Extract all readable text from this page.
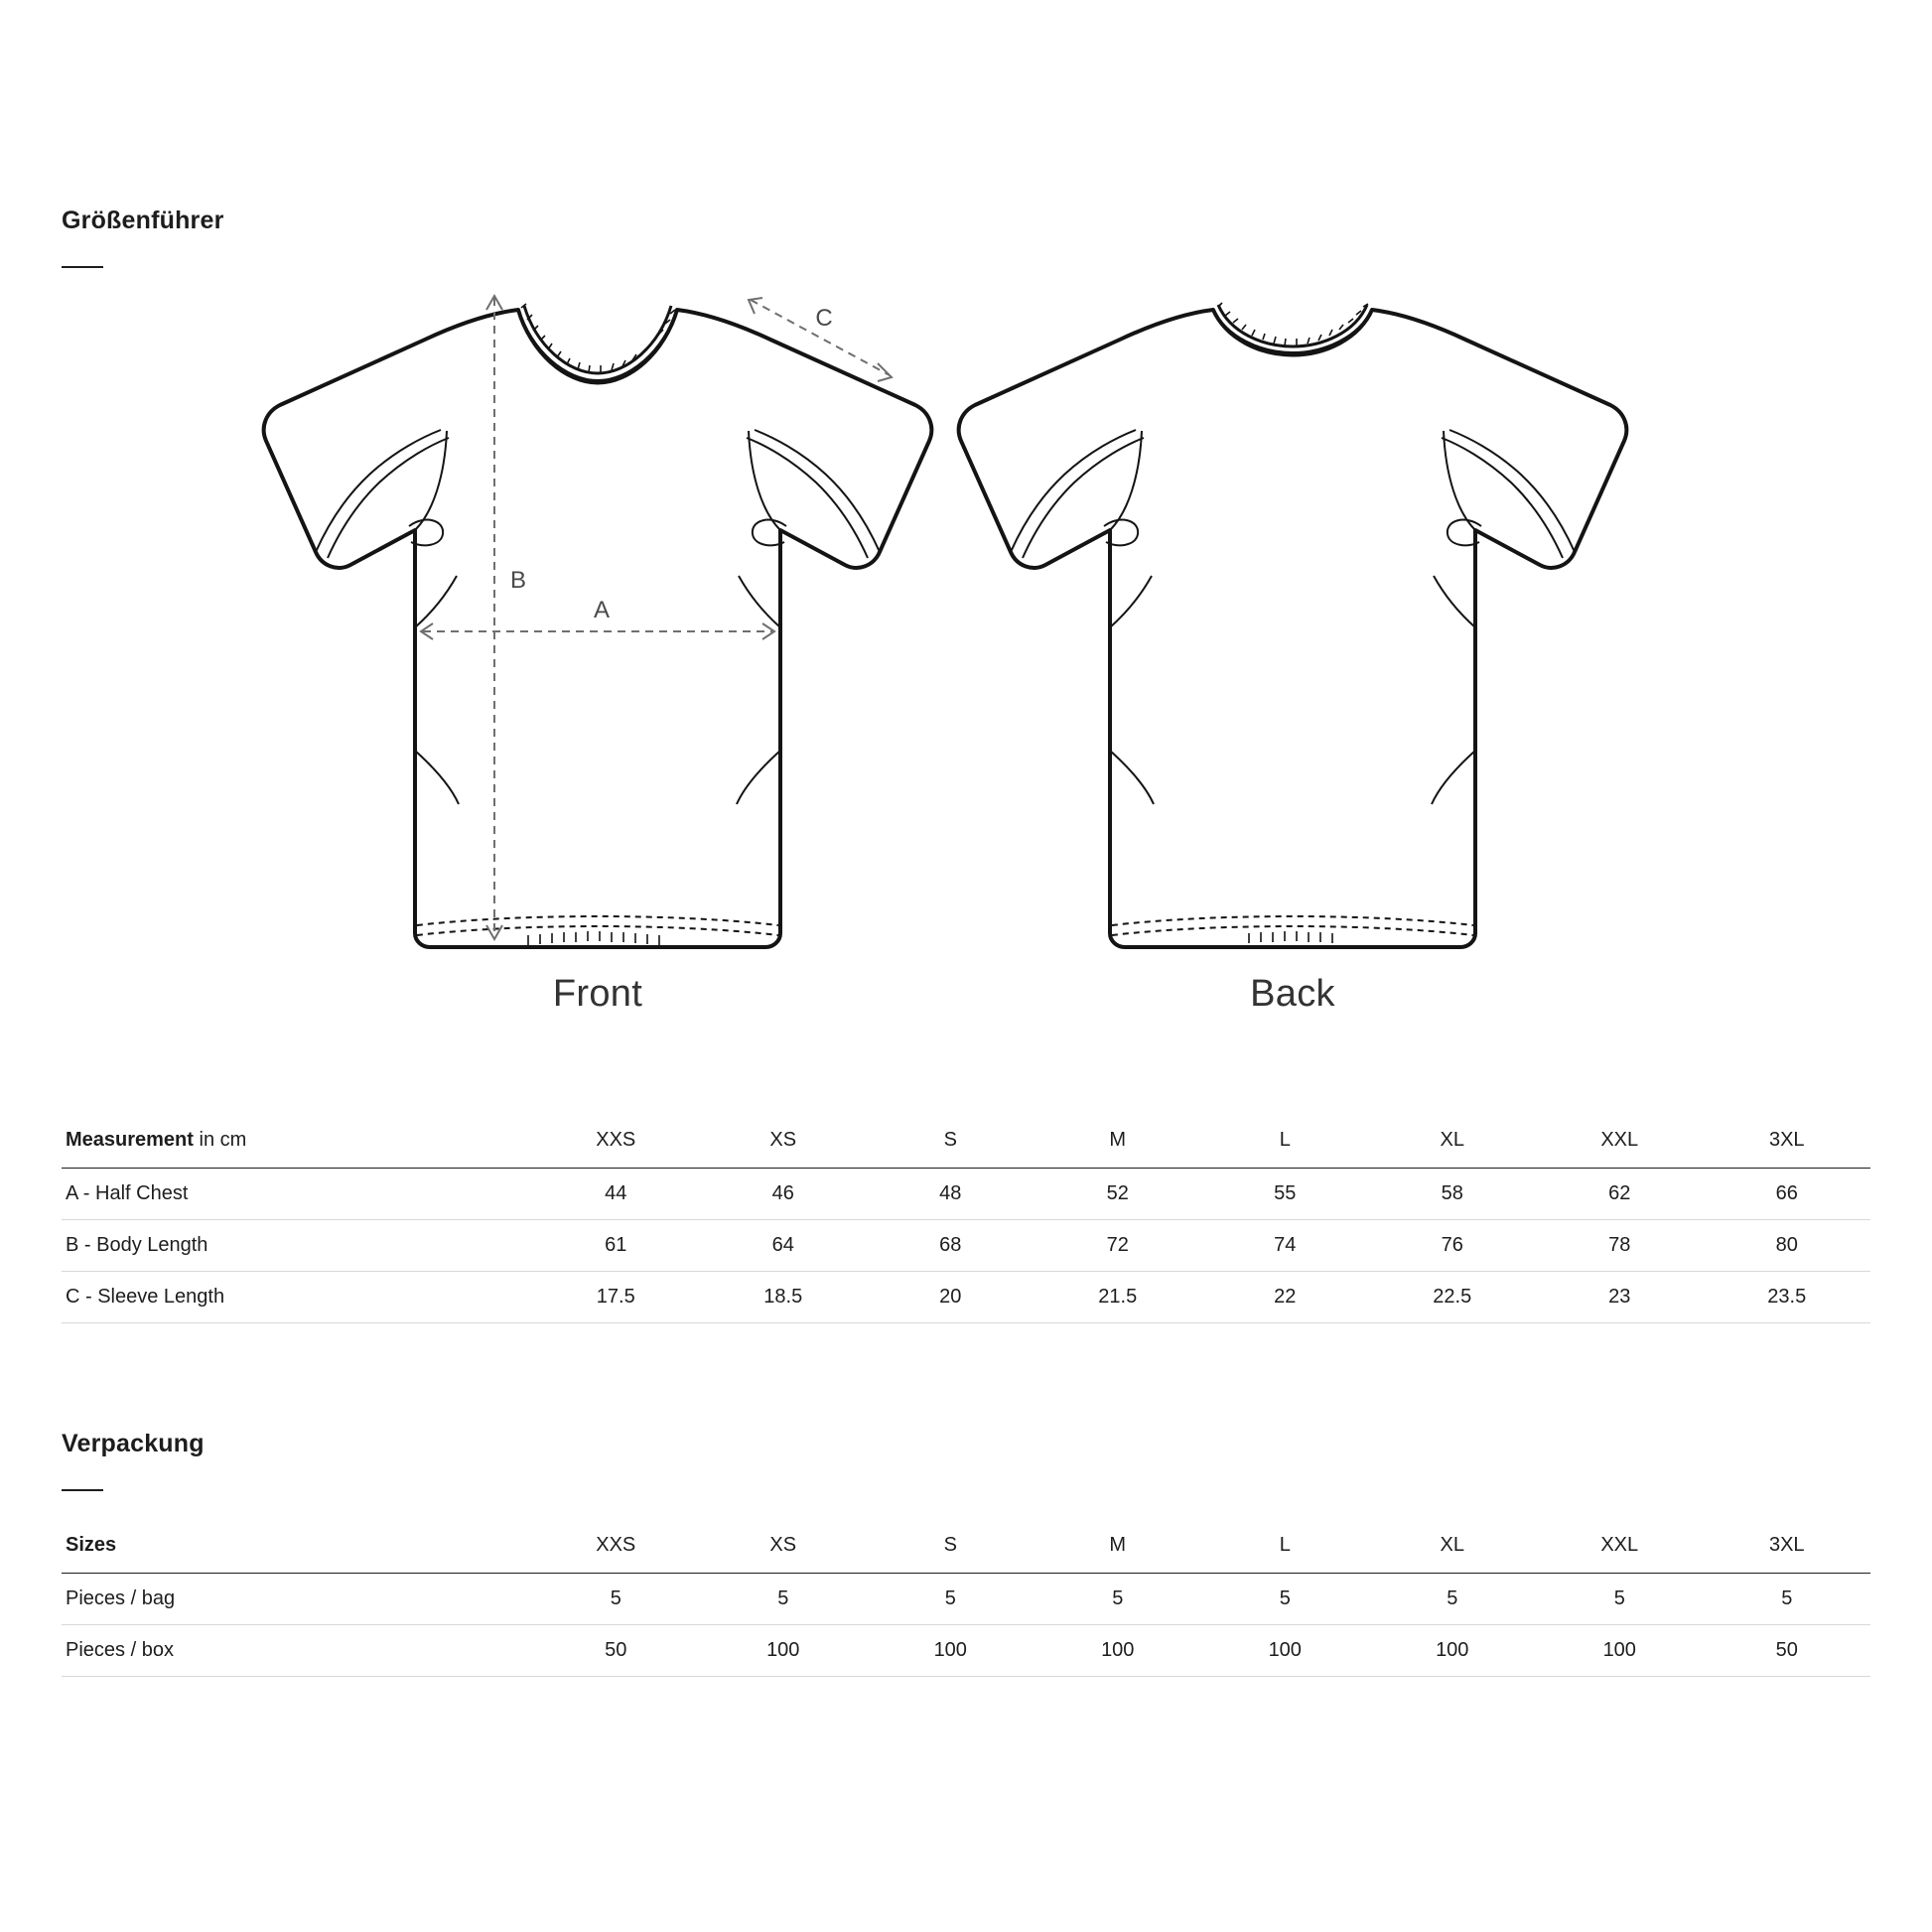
Größenführer
A
B
C
Front	Back
Measurement in cm	XXS	XS	S	M	L	XL	XXL	3XL
A - Half Chest	44	46	48	52	55	58	62	66
B - Body Length	61	64	68	72	74	76	78	80
C - Sleeve Length	17.5	18.5	20	21.5	22	22.5	23	23.5
Verpackung
Sizes	XXS	XS	S	M	L	XL	XXL	3XL
Pieces / bag	5	5	5	5	5	5	5	5
Pieces / box	50	100	100	100	100	100	100	50
